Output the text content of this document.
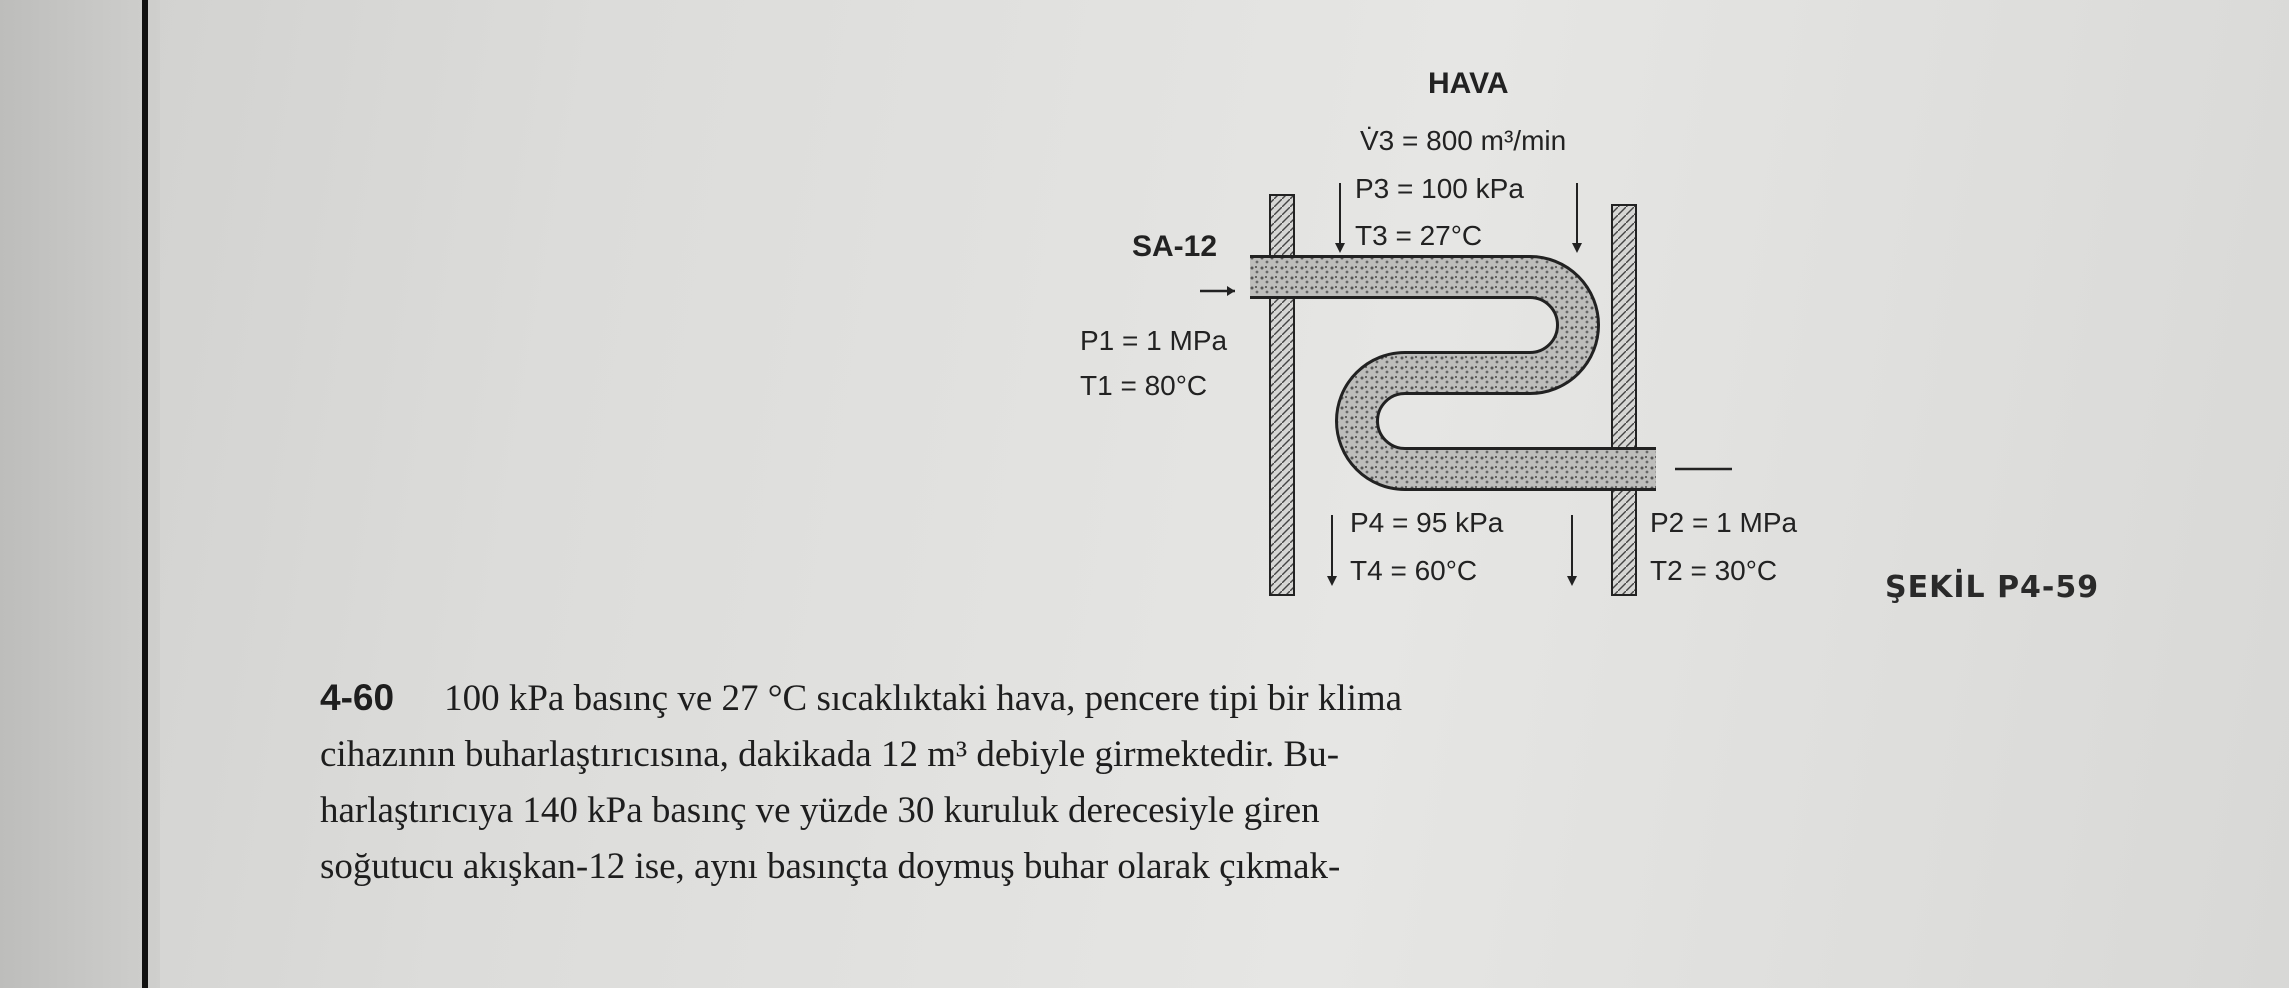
HAVA
V̇3 = 800 m³/min
P3 = 100 kPa
T3 = 27°C
SA-12
P1 = 1 MPa
T1 = 80°C
P4 = 95 kPa
T4 = 60°C
P2 = 1 MPa
T2 = 30°C	ŞEKİL P4-59

4-60 100 kPa basınç ve 27 °C sıcaklıktaki hava, pencere tipi bir klima

cihazının buharlaştırıcısına, dakikada 12 m³ debiyle girmektedir. Bu-

harlaştırıcıya 140 kPa basınç ve yüzde 30 kuruluk derecesiyle giren

soğutucu akışkan-12 ise, aynı basınçta doymuş buhar olarak çıkmak-
